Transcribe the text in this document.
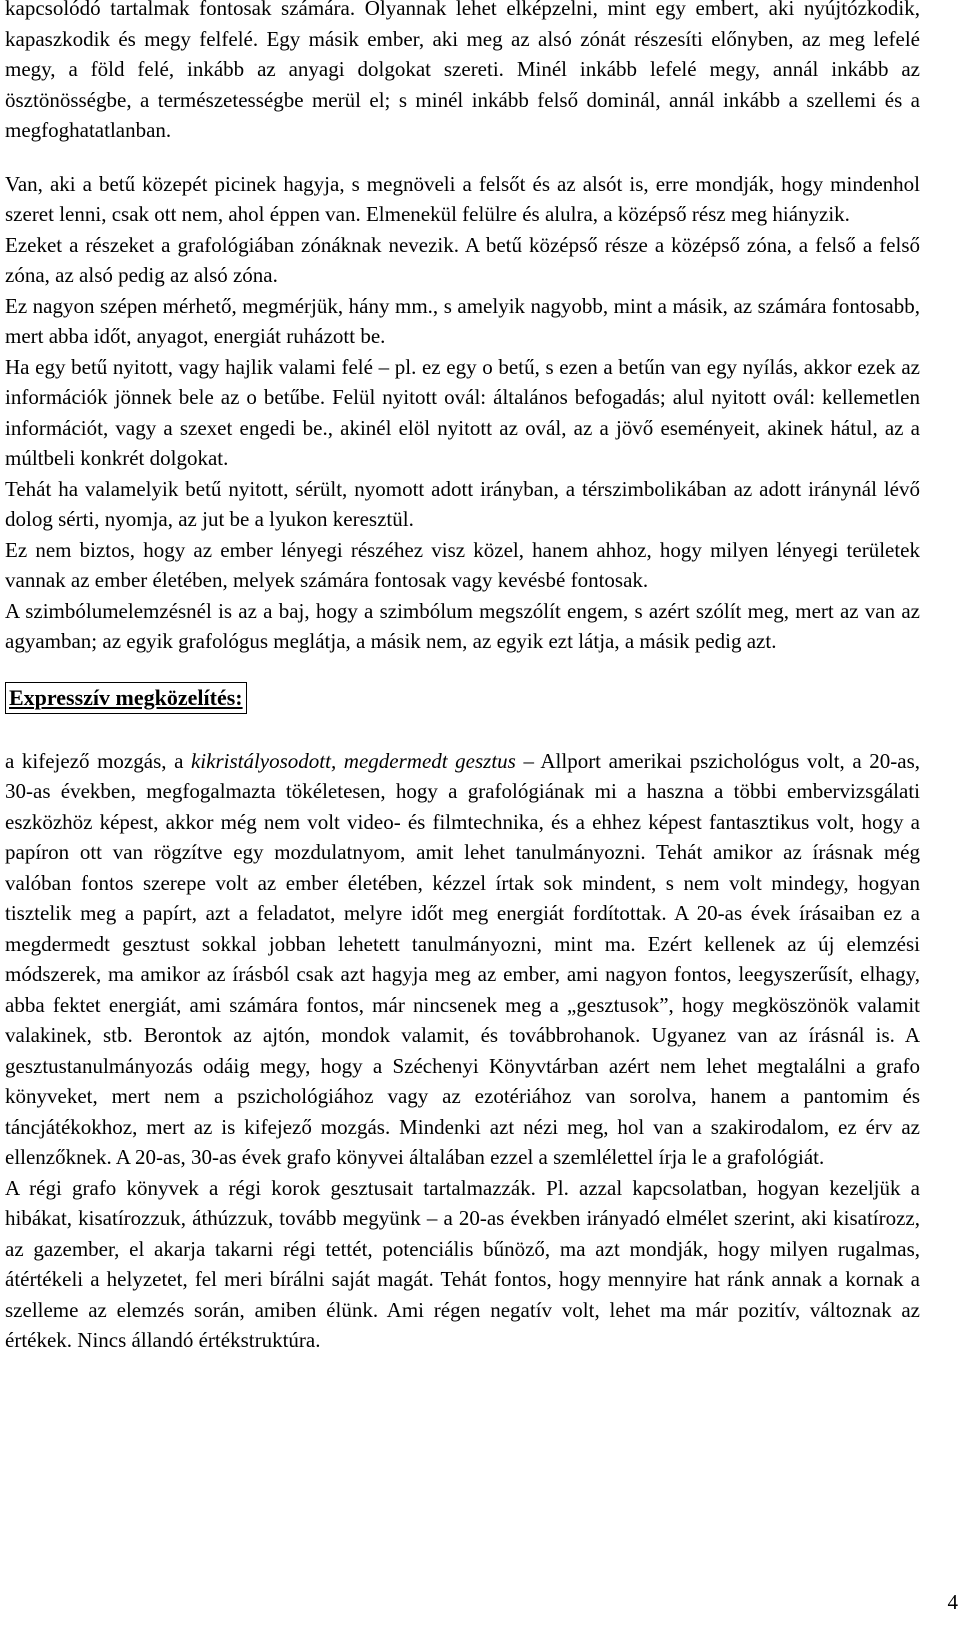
kapcsolódó tartalmak fontosak számára. Olyannak lehet elképzelni, mint egy embert, aki nyújtózkodik, kapaszkodik és megy felfelé. Egy másik ember, aki meg az alsó zónát részesíti előnyben, az meg lefelé megy, a föld felé, inkább az anyagi dolgokat szereti. Minél inkább lefelé megy, annál inkább az ösztönösségbe, a természetességbe merül el; s minél inkább felső dominál, annál inkább a szellemi és a megfoghatatlanban.

Van, aki a betű közepét picinek hagyja, s megnöveli a felsőt és az alsót is, erre mondják, hogy mindenhol szeret lenni, csak ott nem, ahol éppen van. Elmenekül felülre és alulra, a középső rész meg hiányzik.

Ezeket a részeket a grafológiában zónáknak nevezik. A betű középső része a középső zóna, a felső a felső zóna, az alsó pedig az alsó zóna.

Ez nagyon szépen mérhető, megmérjük, hány mm., s amelyik nagyobb, mint a másik, az számára fontosabb, mert abba időt, anyagot, energiát ruházott be.

Ha egy betű nyitott, vagy hajlik valami felé – pl. ez egy o betű, s ezen a betűn van egy nyílás, akkor ezek az információk jönnek bele az o betűbe. Felül nyitott ovál: általános befogadás; alul nyitott ovál: kellemetlen információt, vagy a szexet engedi be., akinél elöl nyitott az ovál, az a jövő eseményeit, akinek hátul, az a múltbeli konkrét dolgokat.

Tehát ha valamelyik betű nyitott, sérült, nyomott adott irányban, a térszimbolikában az adott iránynál lévő dolog sérti, nyomja, az jut be a lyukon keresztül.

Ez nem biztos, hogy az ember lényegi részéhez visz közel, hanem ahhoz, hogy milyen lényegi területek vannak az ember életében, melyek számára fontosak vagy kevésbé fontosak.

A szimbólumelemzésnél is az a baj, hogy a szimbólum megszólít engem, s azért szólít meg, mert az van az agyamban; az egyik grafológus meglátja, a másik nem, az egyik ezt látja, a másik pedig azt.

Expresszív megközelítés:

a kifejező mozgás, a kikristályosodott, megdermedt gesztus – Allport amerikai pszichológus volt, a 20-as, 30-as években, megfogalmazta tökéletesen, hogy a grafológiának mi a haszna a többi embervizsgálati eszközhöz képest, akkor még nem volt video- és filmtechnika, és a ehhez képest fantasztikus volt, hogy a papíron ott van rögzítve egy mozdulatnyom, amit lehet tanulmányozni. Tehát amikor az írásnak még valóban fontos szerepe volt az ember életében, kézzel írtak sok mindent, s nem volt mindegy, hogyan tisztelik meg a papírt, azt a feladatot, melyre időt meg energiát fordítottak. A 20-as évek írásaiban ez a megdermedt gesztust sokkal jobban lehetett tanulmányozni, mint ma. Ezért kellenek az új elemzési módszerek, ma amikor az írásból csak azt hagyja meg az ember, ami nagyon fontos, leegyszerűsít, elhagy, abba fektet energiát, ami számára fontos, már nincsenek meg a „gesztusok”, hogy megköszönök valamit valakinek, stb. Berontok az ajtón, mondok valamit, és továbbrohanok. Ugyanez van az írásnál is. A gesztustanulmányozás odáig megy, hogy a Széchenyi Könyvtárban azért nem lehet megtalálni a grafo könyveket, mert nem a pszichológiához vagy az ezotériához van sorolva, hanem a pantomim és táncjátékokhoz, mert az is kifejező mozgás. Mindenki azt nézi meg, hol van a szakirodalom, ez érv az ellenzőknek. A 20-as, 30-as évek grafo könyvei általában ezzel a szemlélettel írja le a grafológiát.

A régi grafo könyvek a régi korok gesztusait tartalmazzák. Pl. azzal kapcsolatban, hogyan kezeljük a hibákat, kisatírozzuk, áthúzzuk, tovább megyünk – a 20-as években irányadó elmélet szerint, aki kisatírozz, az gazember, el akarja takarni régi tettét, potenciális bűnöző, ma azt mondják, hogy milyen rugalmas, átértékeli a helyzetet, fel meri bírálni saját magát. Tehát fontos, hogy mennyire hat ránk annak a kornak a szelleme az elemzés során, amiben élünk. Ami régen negatív volt, lehet ma már pozitív, változnak az értékek. Nincs állandó értékstruktúra.

4
